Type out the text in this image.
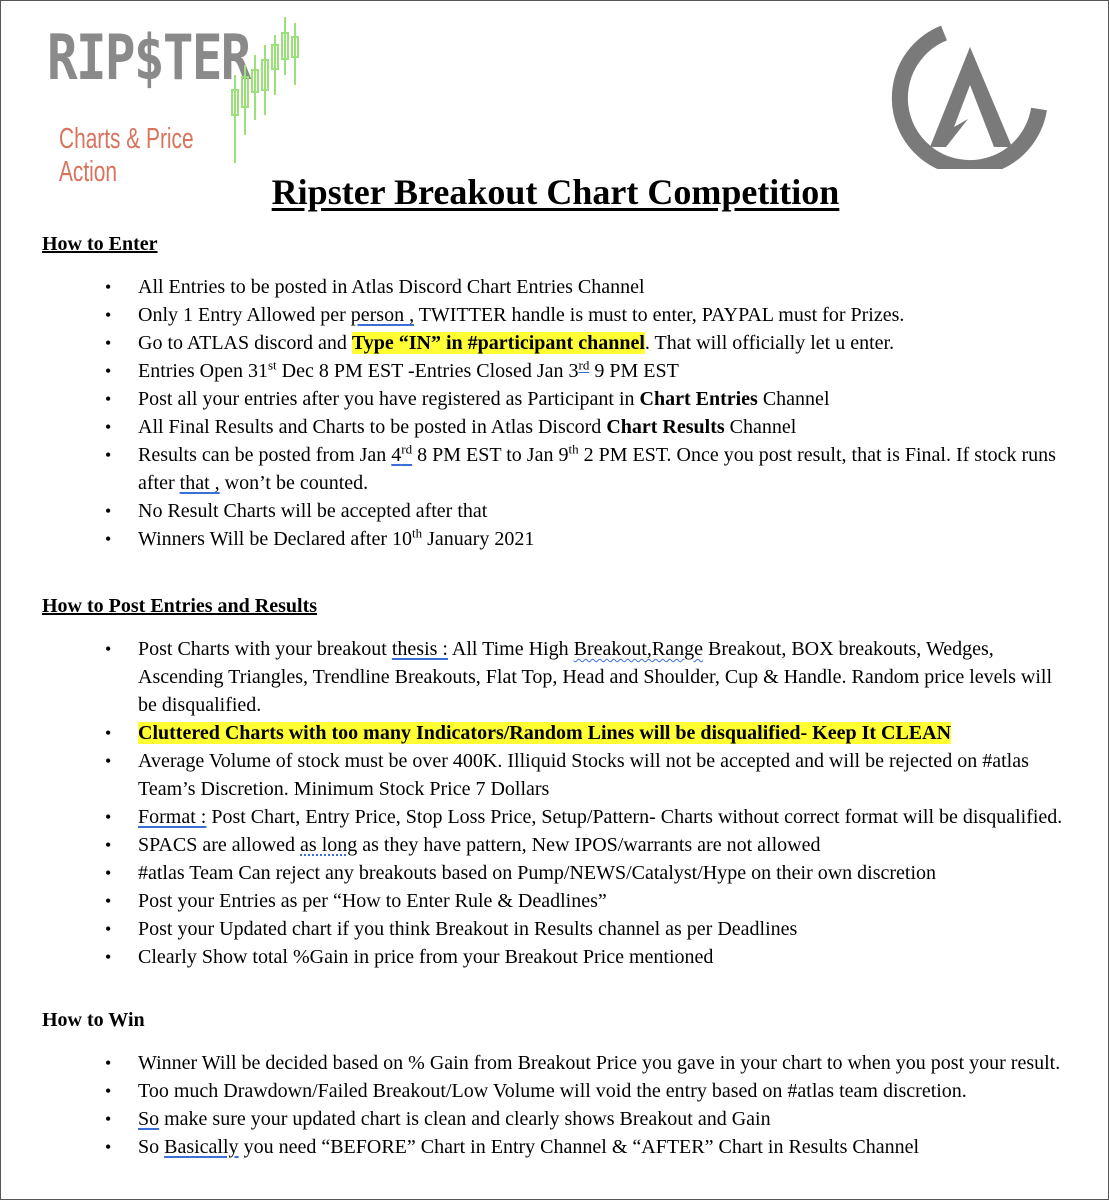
RIP$TER
Charts & Price Action	Ripster Breakout Chart Competition
How to Enter
• All Entries to be posted in Atlas Discord Chart Entries Channel
• Only 1 Entry Allowed per person , TWITTER handle is must to enter, PAYPAL must for Prizes.
• Go to ATLAS discord and Type “IN” in #participant channel. That will officially let u enter.
• Entries Open 31st Dec 8 PM EST -Entries Closed Jan 3rd 9 PM EST
• Post all your entries after you have registered as Participant in Chart Entries Channel
• All Final Results and Charts to be posted in Atlas Discord Chart Results Channel
• Results can be posted from Jan 4rd 8 PM EST to Jan 9th 2 PM EST. Once you post result, that is Final. If stock runs after that , won’t be counted.
• No Result Charts will be accepted after that
• Winners Will be Declared after 10th January 2021
How to Post Entries and Results
• Post Charts with your breakout thesis : All Time High Breakout,Range Breakout, BOX breakouts, Wedges, Ascending Triangles, Trendline Breakouts, Flat Top, Head and Shoulder, Cup & Handle. Random price levels will be disqualified.
• Cluttered Charts with too many Indicators/Random Lines will be disqualified- Keep It CLEAN
• Average Volume of stock must be over 400K. Illiquid Stocks will not be accepted and will be rejected on #atlas Team’s Discretion. Minimum Stock Price 7 Dollars
• Format : Post Chart, Entry Price, Stop Loss Price, Setup/Pattern- Charts without correct format will be disqualified.
• SPACS are allowed as long as they have pattern, New IPOS/warrants are not allowed
• #atlas Team Can reject any breakouts based on Pump/NEWS/Catalyst/Hype on their own discretion
• Post your Entries as per “How to Enter Rule & Deadlines”
• Post your Updated chart if you think Breakout in Results channel as per Deadlines
• Clearly Show total %Gain in price from your Breakout Price mentioned
How to Win
• Winner Will be decided based on % Gain from Breakout Price you gave in your chart to when you post your result.
• Too much Drawdown/Failed Breakout/Low Volume will void the entry based on #atlas team discretion.
• So make sure your updated chart is clean and clearly shows Breakout and Gain
• So Basically you need “BEFORE” Chart in Entry Channel & “AFTER” Chart in Results Channel
